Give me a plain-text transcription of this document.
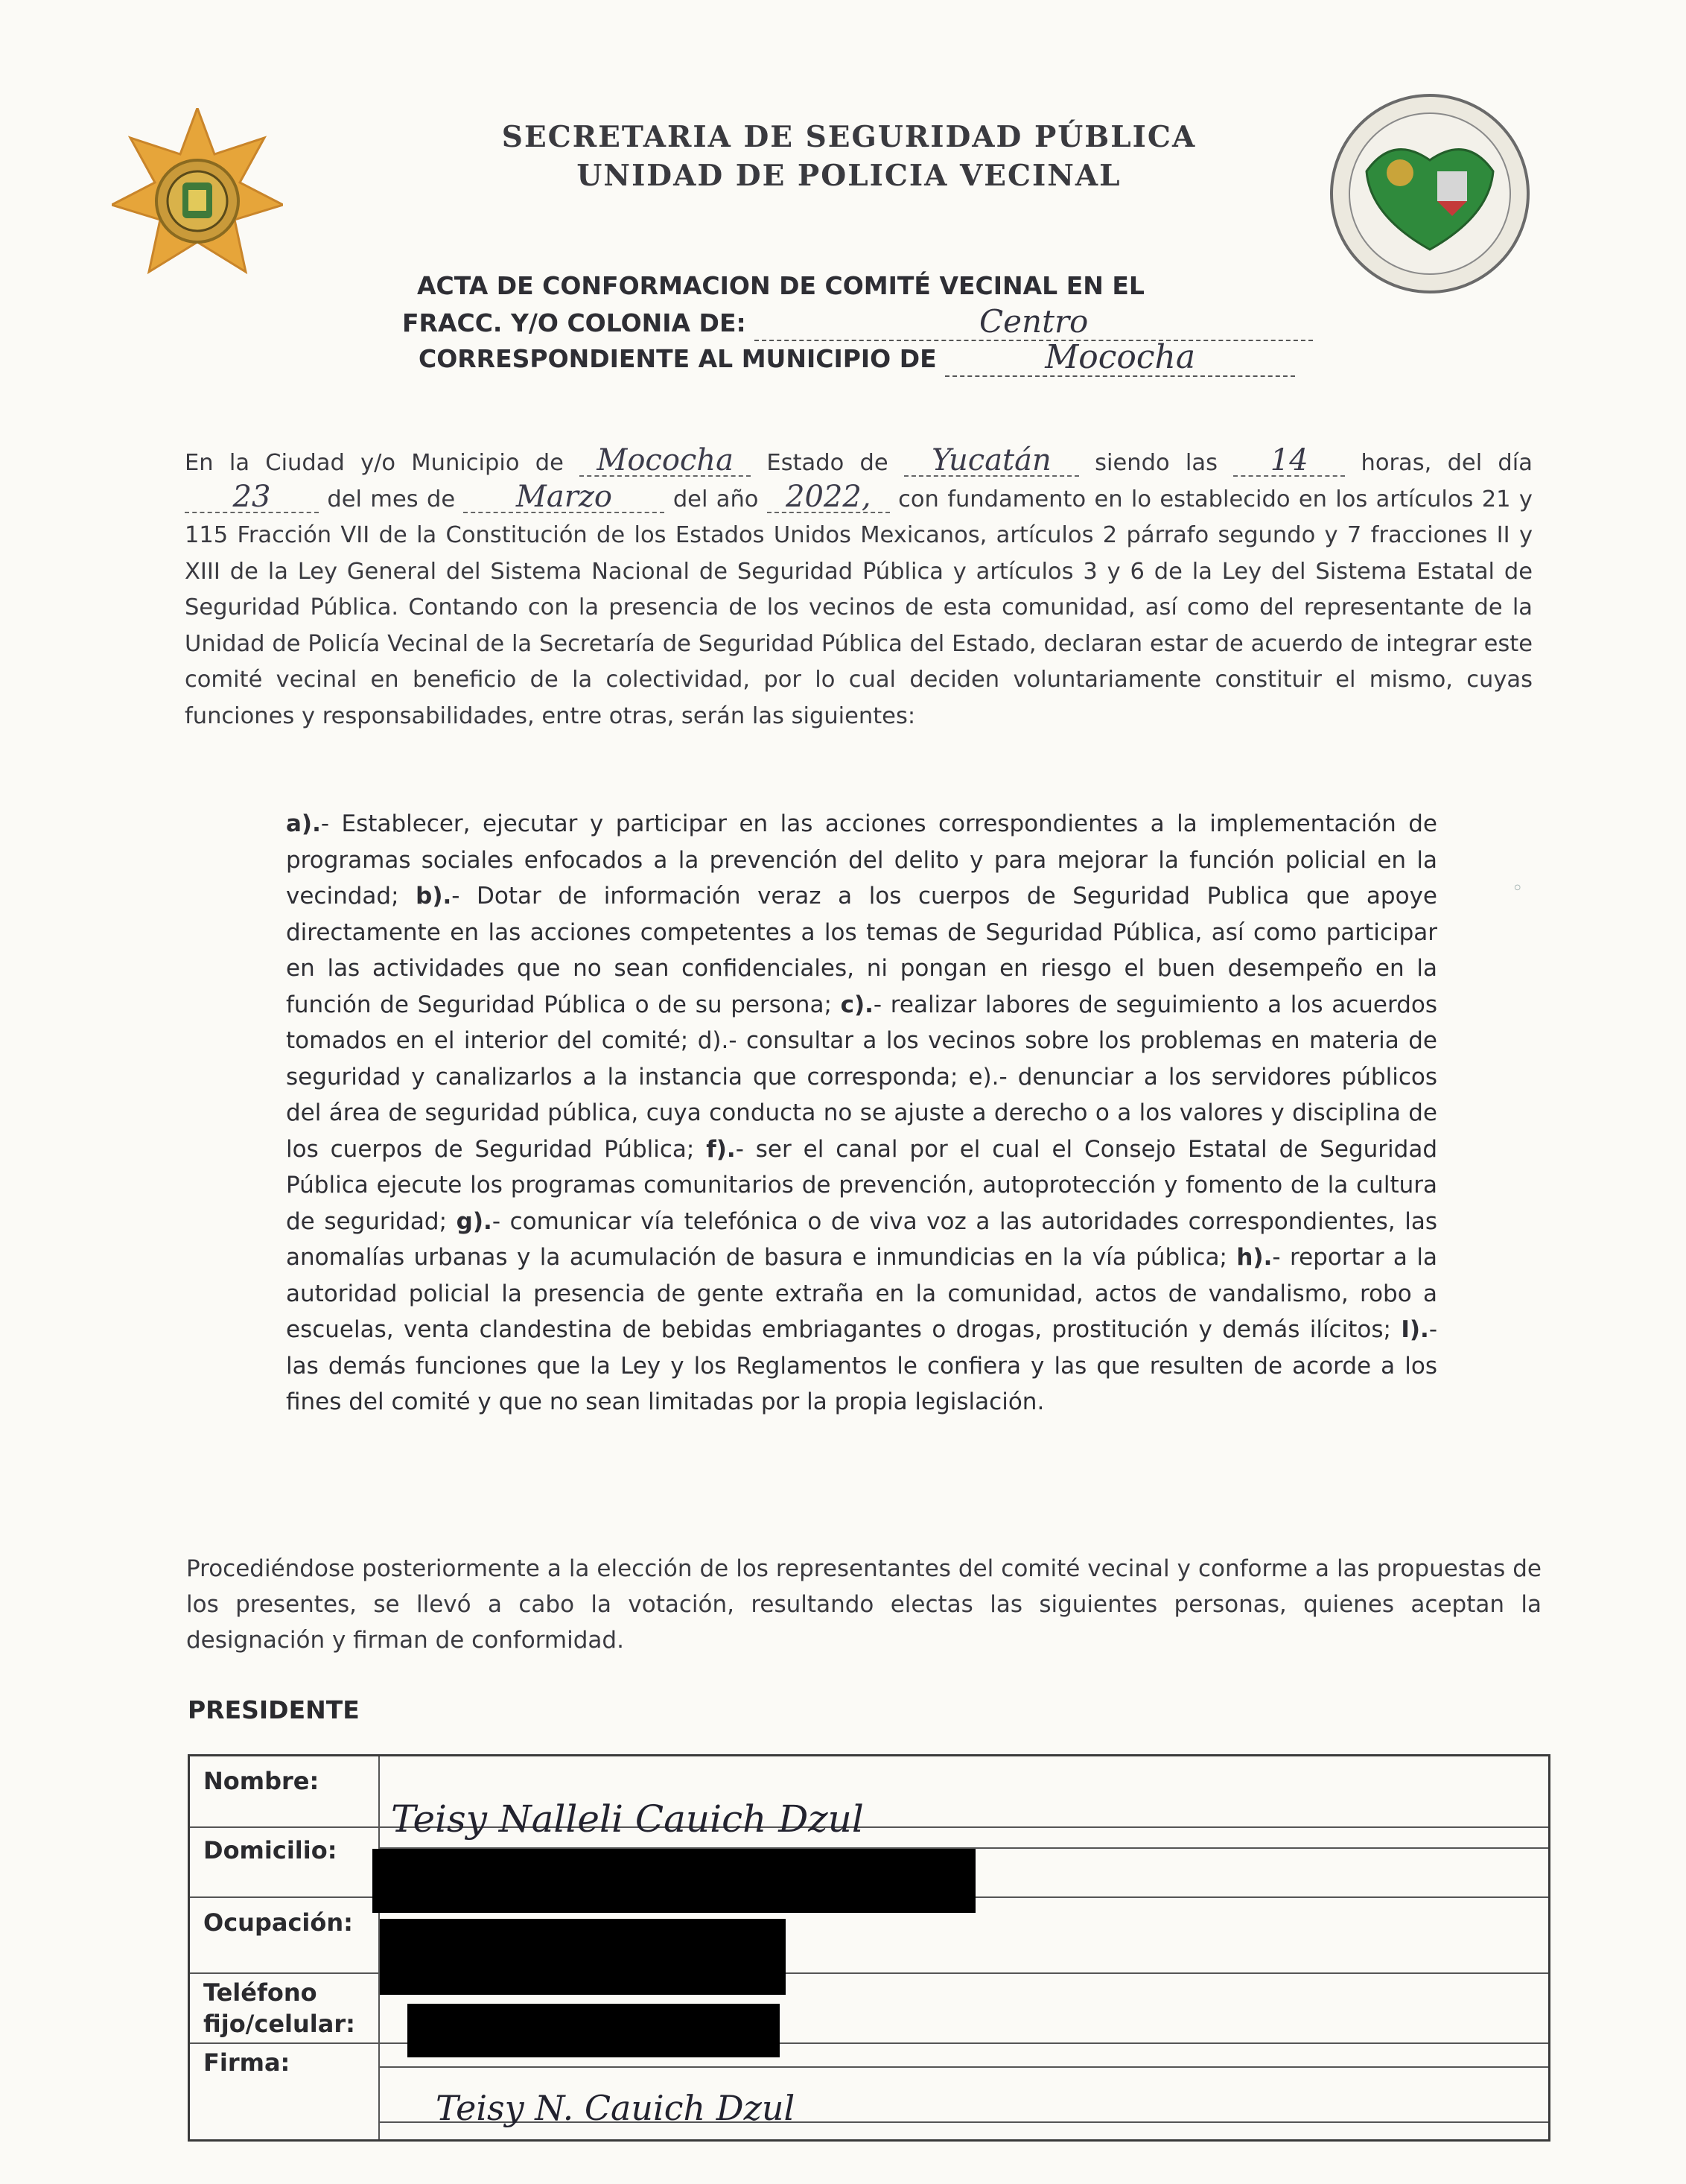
SECRETARIA DE SEGURIDAD PÚBLICA
UNIDAD DE POLICIA VECINAL
ACTA DE CONFORMACION DE COMITÉ VECINAL EN EL
FRACC. Y/O COLONIA DE:	Centro
CORRESPONDIENTE AL MUNICIPIO DE	Mococha
En la Ciudad y/o Municipio de Mococha Estado de Yucatán siendo las 14 horas, del día 23 del mes de Marzo	del año 2022, con fundamento en lo establecido en los artículos 21 y 115 Fracción VII de la Constitución de los Estados Unidos Mexicanos, artículos 2 párrafo segundo y 7 fracciones II y XIII de la Ley General del Sistema Nacional de Seguridad Pública y artículos 3 y 6 de la Ley del Sistema Estatal de Seguridad Pública. Contando con la presencia de los vecinos de esta comunidad, así como del representante de la Unidad de Policía Vecinal de la Secretaría de Seguridad Pública del Estado, declaran estar de acuerdo de integrar este comité vecinal en beneficio de la colectividad, por lo cual deciden voluntariamente constituir el mismo, cuyas funciones y responsabilidades, entre otras, serán las siguientes:
a).- Establecer, ejecutar y participar en las acciones correspondientes a la implementación de programas sociales enfocados a la prevención del delito y para mejorar la función policial en la vecindad; b).- Dotar de información veraz a los cuerpos de Seguridad Publica que apoye directamente en las acciones competentes a los temas de Seguridad Pública, así como participar en las actividades que no sean confidenciales, ni pongan en riesgo el buen desempeño en la función de Seguridad Pública o de su persona; c).- realizar labores de seguimiento a los acuerdos tomados en el interior del comité; d).- consultar a los vecinos sobre los problemas en materia de seguridad y canalizarlos a la instancia que corresponda; e).- denunciar a los servidores públicos del área de seguridad pública, cuya conducta no se ajuste a derecho o a los valores y disciplina de los cuerpos de Seguridad Pública; f).- ser el canal por el cual el Consejo Estatal de Seguridad Pública ejecute los programas comunitarios de prevención, autoprotección y fomento de la cultura de seguridad; g).- comunicar vía telefónica o de viva voz a las autoridades correspondientes, las anomalías urbanas y la acumulación de basura e inmundicias en la vía pública; h).- reportar a la autoridad policial la presencia de gente extraña en la comunidad, actos de vandalismo, robo a escuelas, venta clandestina de bebidas embriagantes o drogas, prostitución y demás ilícitos; I).- las demás funciones que la Ley y los Reglamentos le confiera y las que resulten de acorde a los fines del comité y que no sean limitadas por la propia legislación.
◦
Procediéndose posteriormente a la elección de los representantes del comité vecinal y conforme a las propuestas de los presentes, se llevó a cabo la votación, resultando electas las siguientes personas, quienes aceptan la designación y firman de conformidad.
PRESIDENTE
Nombre:
Teisy Nalleli Cauich Dzul
Domicilio:
Ocupación:
Teléfono
fijo/celular:
Firma:
Teisy N. Cauich Dzul
